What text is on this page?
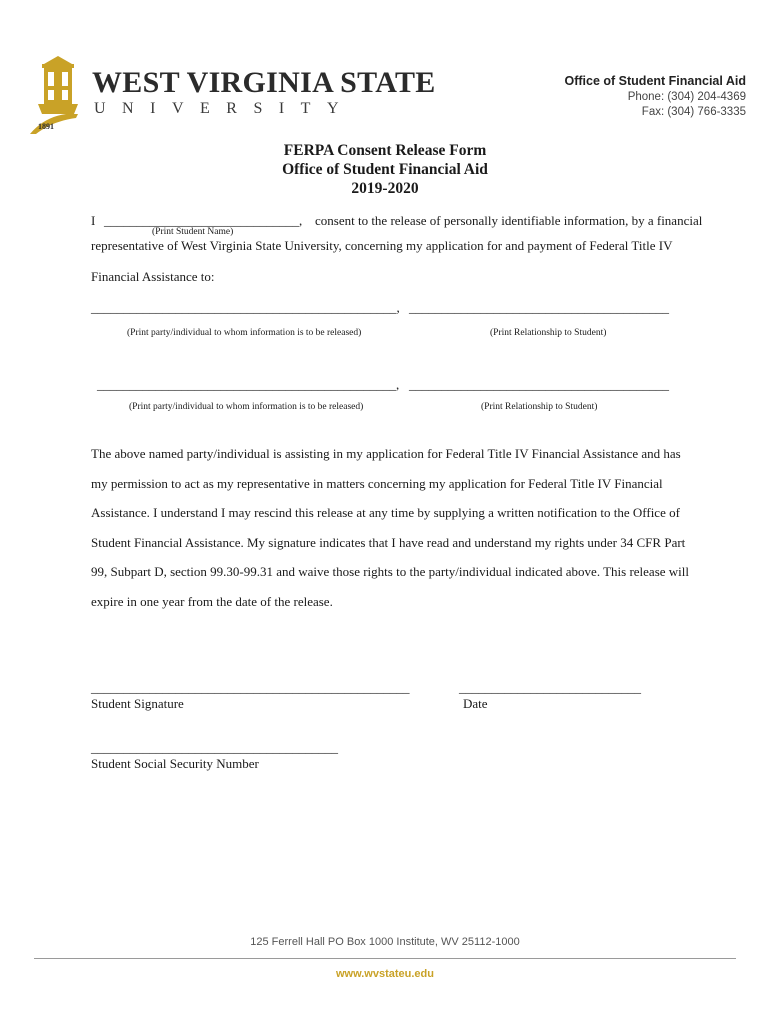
WEST VIRGINIA STATE
UNIVERSITY
1891
Office of Student Financial Aid
Phone: (304) 204-4369
Fax: (304) 766-3335
FERPA Consent Release Form
Office of Student Financial Aid
2019-2020
I ______________________________, consent to the release of personally identifiable information, by a financial
(Print Student Name)
representative of West Virginia State University, concerning my application for and payment of Federal Title IV
Financial Assistance to:
_______________________________________________, ________________________________________
(Print party/individual to whom information is to be released)	(Print Relationship to Student)
______________________________________________, ________________________________________
(Print party/individual to whom information is to be released)	(Print Relationship to Student)

The above named party/individual is assisting in my application for Federal Title IV Financial Assistance and has

my permission to act as my representative in matters concerning my application for Federal Title IV Financial

Assistance. I understand I may rescind this release at any time by supplying a written notification to the Office of

Student Financial Assistance. My signature indicates that I have read and understand my rights under 34 CFR Part

99, Subpart D, section 99.30-99.31 and waive those rights to the party/individual indicated above. This release will

expire in one year from the date of the release.

_________________________________________________
Student Signature
____________________________
Date
______________________________________
Student Social Security Number
125 Ferrell Hall PO Box 1000 Institute, WV 25112-1000
www.wvstateu.edu
